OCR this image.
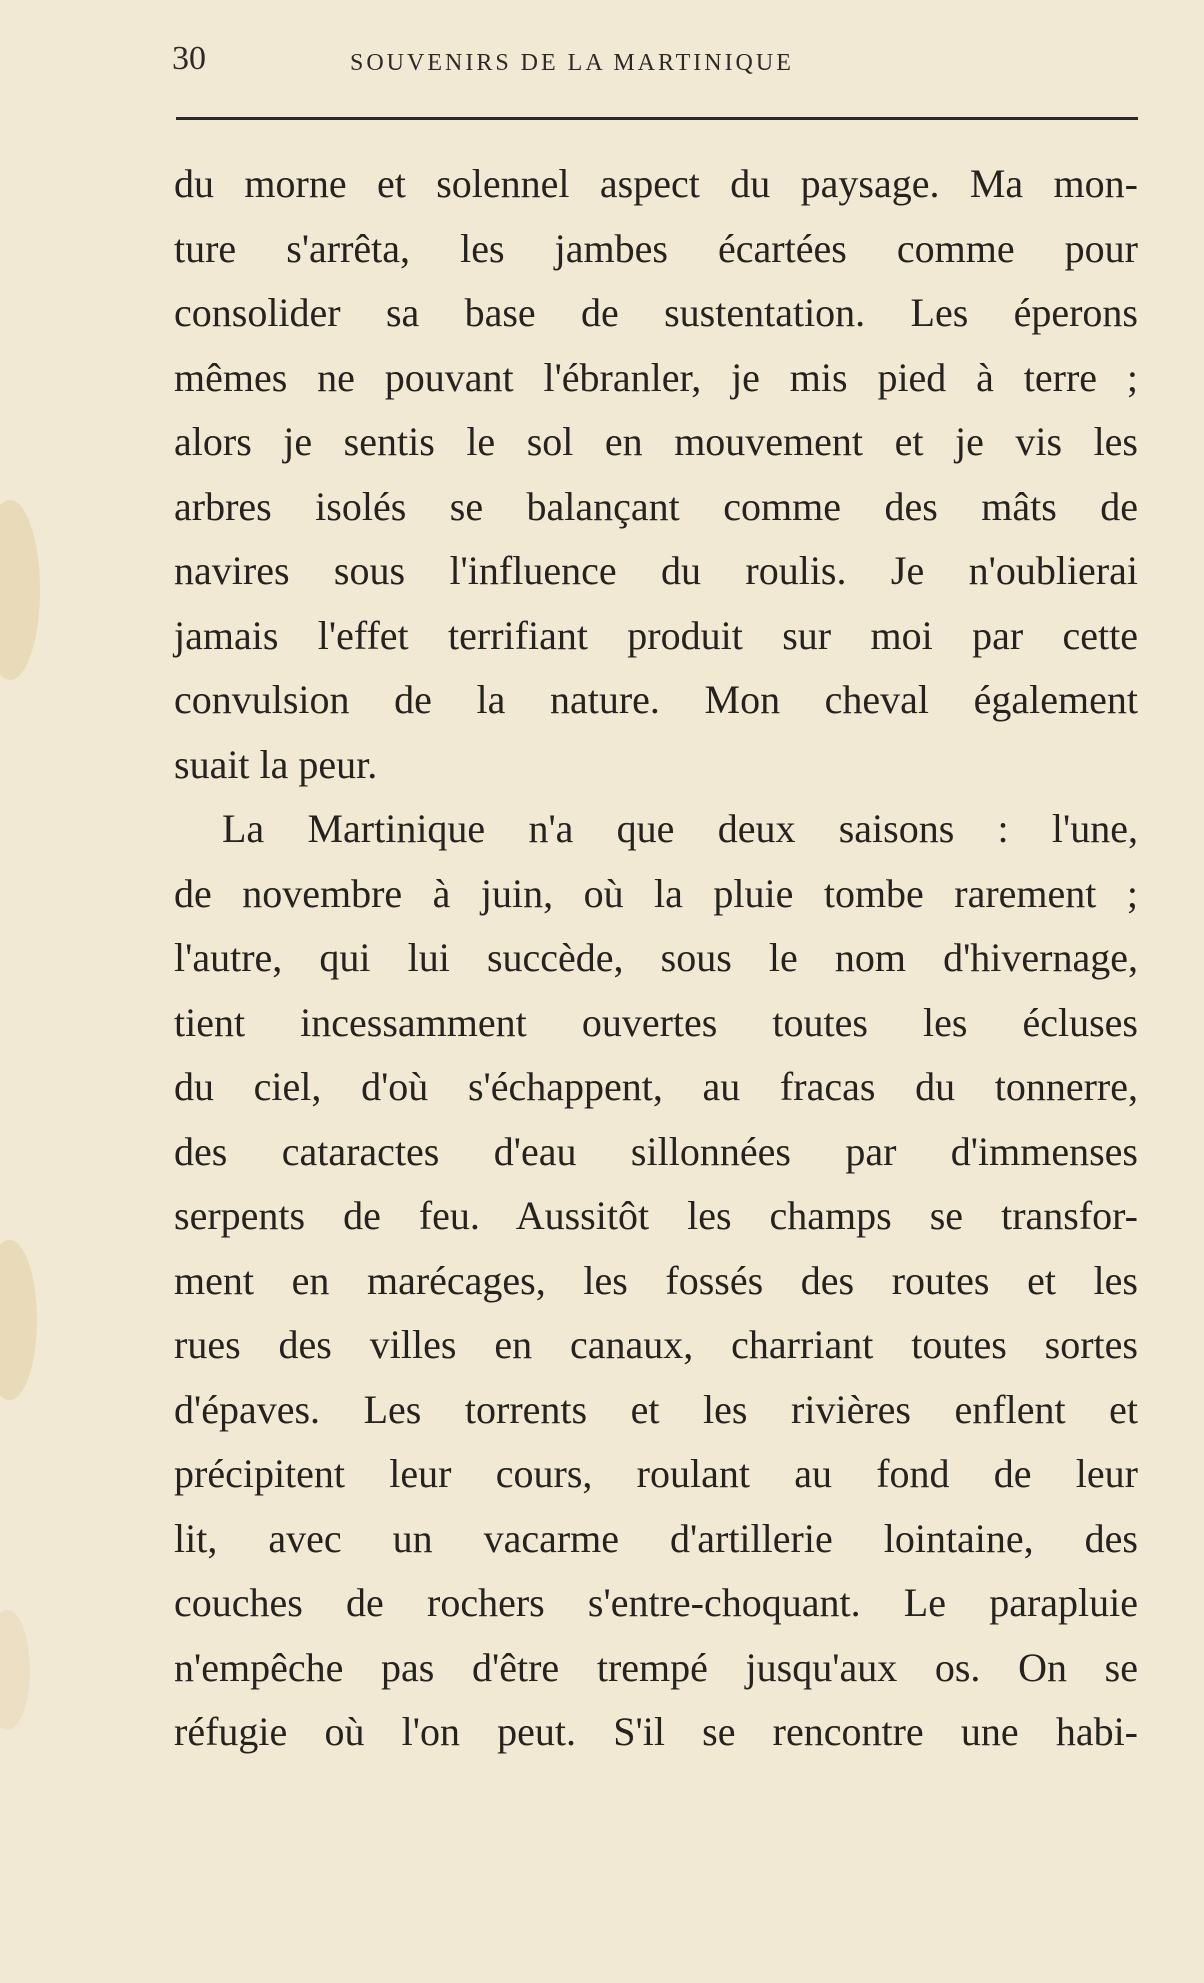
30	SOUVENIRS DE LA MARTINIQUE
du morne et solennel aspect du paysage. Ma mon-
ture s'arrêta, les jambes écartées comme pour
consolider sa base de sustentation. Les éperons
mêmes ne pouvant l'ébranler, je mis pied à terre ;
alors je sentis le sol en mouvement et je vis les
arbres isolés se balançant comme des mâts de
navires sous l'influence du roulis. Je n'oublierai
jamais l'effet terrifiant produit sur moi par cette
convulsion de la nature. Mon cheval également
suait la peur.
La Martinique n'a que deux saisons : l'une,
de novembre à juin, où la pluie tombe rarement ;
l'autre, qui lui succède, sous le nom d'hivernage,
tient incessamment ouvertes toutes les écluses
du ciel, d'où s'échappent, au fracas du tonnerre,
des cataractes d'eau sillonnées par d'immenses
serpents de feu. Aussitôt les champs se transfor-
ment en marécages, les fossés des routes et les
rues des villes en canaux, charriant toutes sortes
d'épaves. Les torrents et les rivières enflent et
précipitent leur cours, roulant au fond de leur
lit, avec un vacarme d'artillerie lointaine, des
couches de rochers s'entre-choquant. Le parapluie
n'empêche pas d'être trempé jusqu'aux os. On se
réfugie où l'on peut. S'il se rencontre une habi-
